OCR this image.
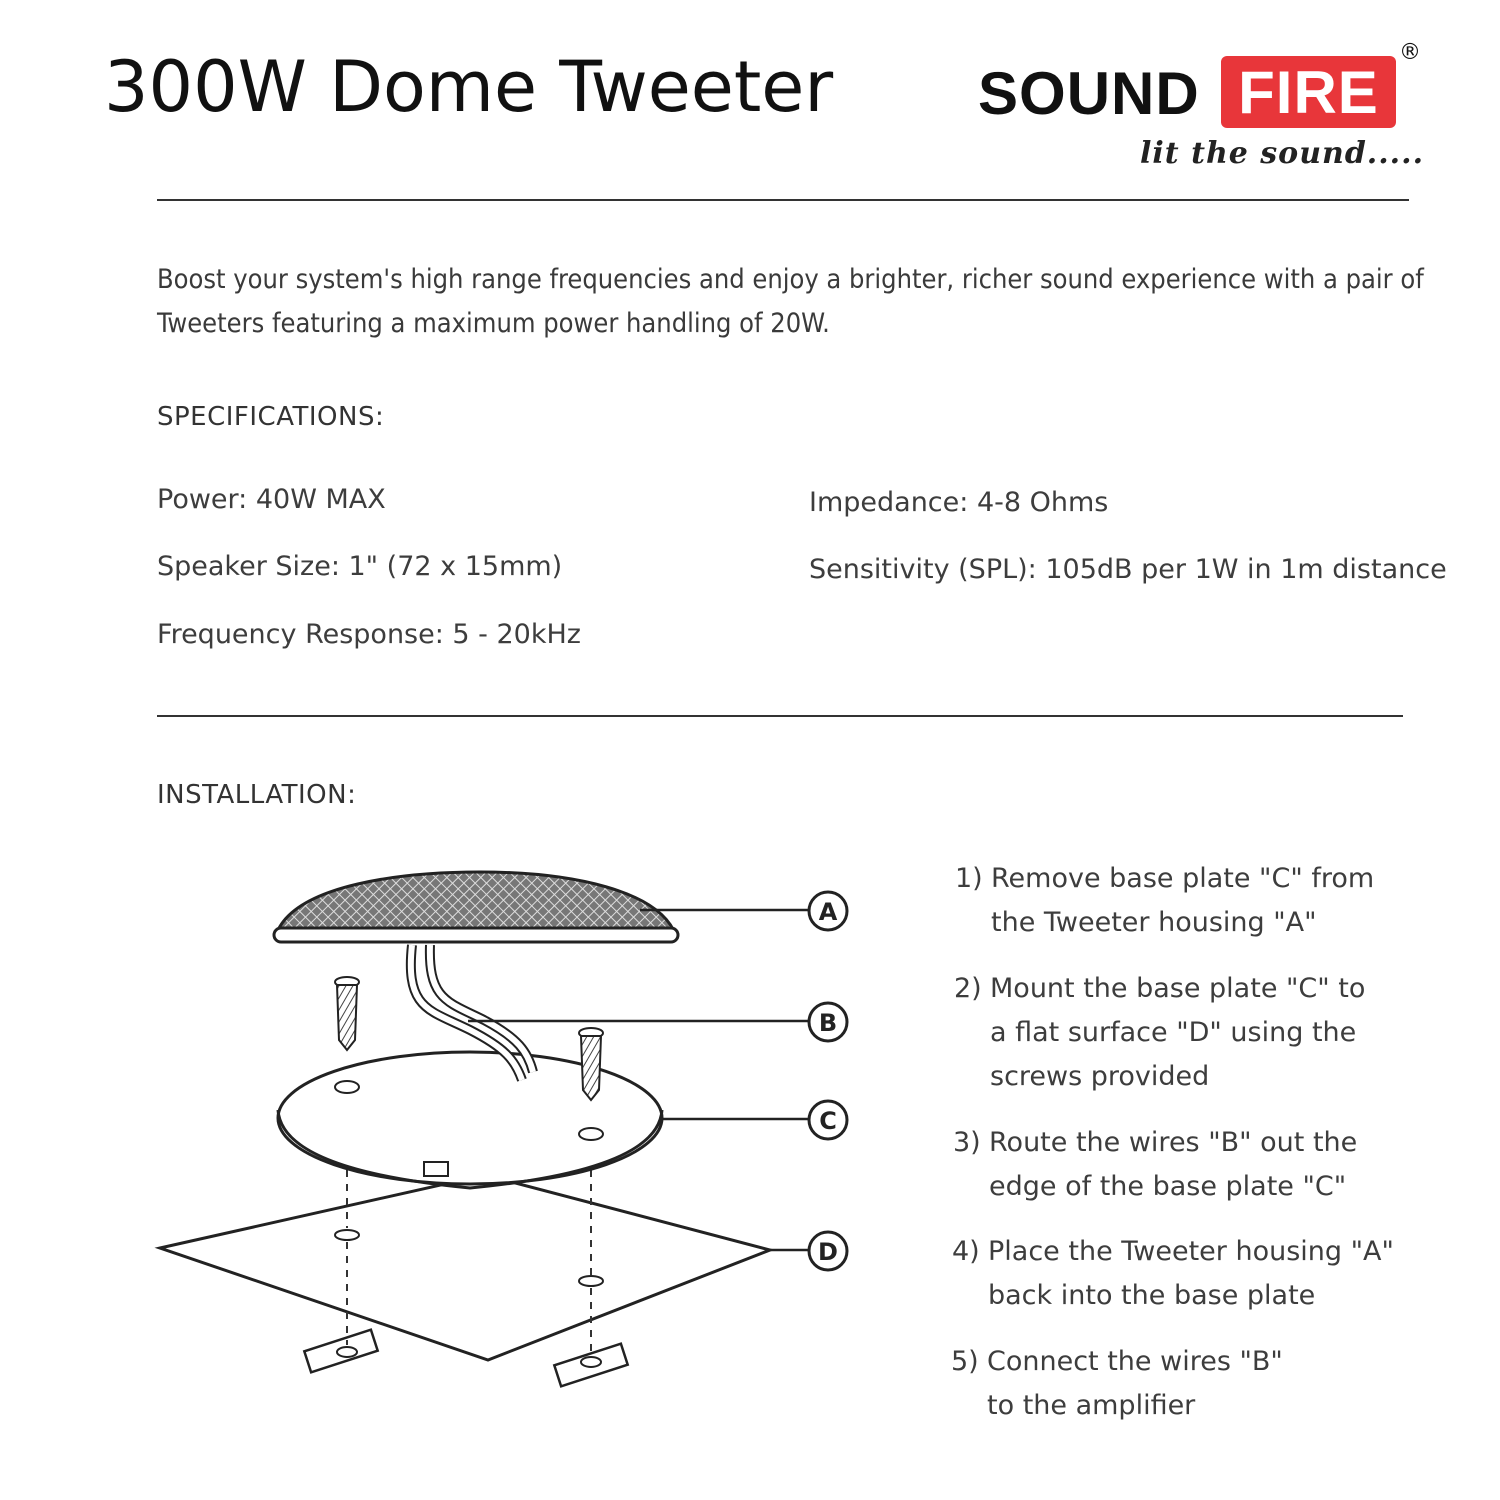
300W Dome Tweeter SOUND FIRE
®
lit the sound.....
Boost your system's high range frequencies and enjoy a brighter, richer sound experience with a pair of Tweeters featuring a maximum power handling of 20W.
SPECIFICATIONS:
Power: 40W MAX
Speaker Size: 1" (72 x 15mm)
Frequency Response: 5 - 20kHz
Impedance: 4-8 Ohms
Sensitivity (SPL): 105dB per 1W in 1m distance
INSTALLATION:
A
B
C
D
1) Remove base plate "C" from
the Tweeter housing "A"
2) Mount the base plate "C" to
a flat surface "D" using the
screws provided
3) Route the wires "B" out the
edge of the base plate "C"
4) Place the Tweeter housing "A"
back into the base plate
5) Connect the wires "B"
to the amplifier
